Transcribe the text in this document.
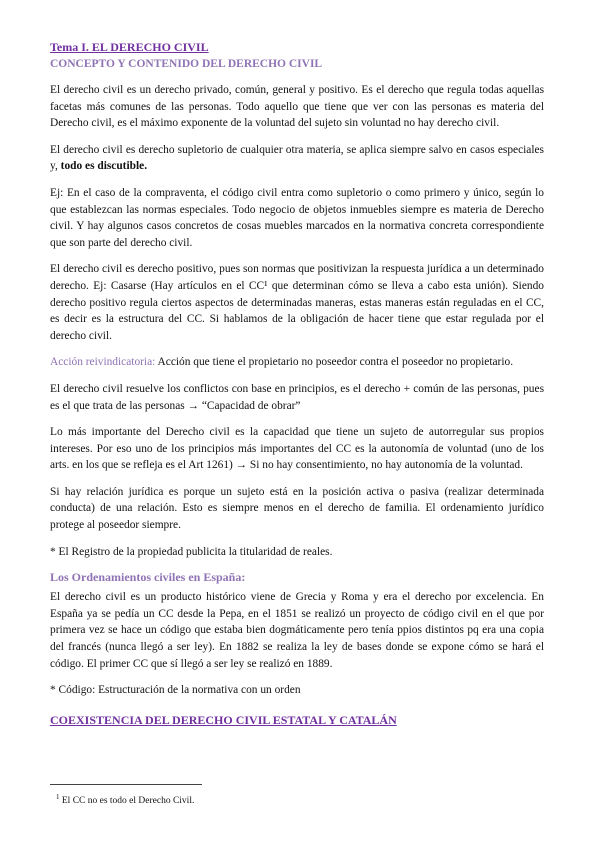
Tema I. EL DERECHO CIVIL
CONCEPTO Y CONTENIDO DEL DERECHO CIVIL

El derecho civil es un derecho privado, común, general y positivo. Es el derecho que regula todas aquellas facetas más comunes de las personas. Todo aquello que tiene que ver con las personas es materia del Derecho civil, es el máximo exponente de la voluntad del sujeto sin voluntad no hay derecho civil.

El derecho civil es derecho supletorio de cualquier otra materia, se aplica siempre salvo en casos especiales y, todo es discutible.

Ej: En el caso de la compraventa, el código civil entra como supletorio o como primero y único, según lo que establezcan las normas especiales. Todo negocio de objetos inmuebles siempre es materia de Derecho civil. Y hay algunos casos concretos de cosas muebles marcados en la normativa concreta correspondiente que son parte del derecho civil.

El derecho civil es derecho positivo, pues son normas que positivizan la respuesta jurídica a un determinado derecho. Ej: Casarse (Hay artículos en el CC¹ que determinan cómo se lleva a cabo esta unión). Siendo derecho positivo regula ciertos aspectos de determinadas maneras, estas maneras están reguladas en el CC, es decir es la estructura del CC. Si hablamos de la obligación de hacer tiene que estar regulada por el derecho civil.

Acción reivindicatoria: Acción que tiene el propietario no poseedor contra el poseedor no propietario.

El derecho civil resuelve los conflictos con base en principios, es el derecho + común de las personas, pues es el que trata de las personas → “Capacidad de obrar”

Lo más importante del Derecho civil es la capacidad que tiene un sujeto de autorregular sus propios intereses. Por eso uno de los principios más importantes del CC es la autonomía de voluntad (uno de los arts. en los que se refleja es el Art 1261) → Si no hay consentimiento, no hay autonomía de la voluntad.

Si hay relación jurídica es porque un sujeto está en la posición activa o pasiva (realizar determinada conducta) de una relación. Esto es siempre menos en el derecho de familia. El ordenamiento jurídico protege al poseedor siempre.

* El Registro de la propiedad publicita la titularidad de reales.

Los Ordenamientos civiles en España:

El derecho civil es un producto histórico viene de Grecia y Roma y era el derecho por excelencia. En España ya se pedía un CC desde la Pepa, en el 1851 se realizó un proyecto de código civil en el que por primera vez se hace un código que estaba bien dogmáticamente pero tenía ppios distintos pq era una copia del francés (nunca llegó a ser ley). En 1882 se realiza la ley de bases donde se expone cómo se hará el código. El primer CC que sí llegó a ser ley se realizó en 1889.

* Código: Estructuración de la normativa con un orden

COEXISTENCIA DEL DERECHO CIVIL ESTATAL Y CATALÁN
$^1$ El CC no es todo el Derecho Civil.
